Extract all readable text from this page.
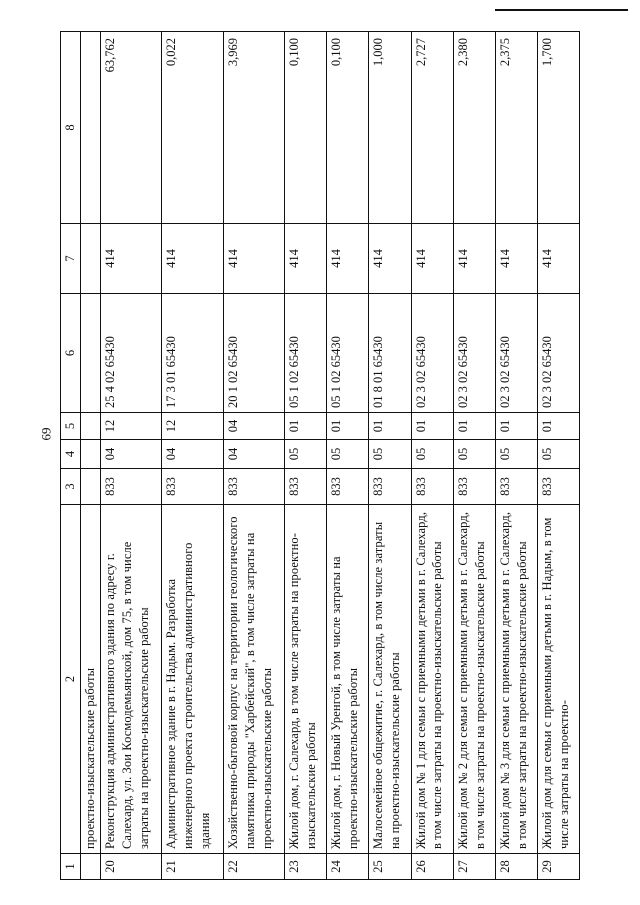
69
1	2	3	4	5	6	7	8
	проектно-изыскательские работы						
20	Реконструкция административного здания по адресу г. Салехард, ул. Зои Космодемьянской, дом 75, в том числе затраты на проектно-изыскательские работы	833	04	12	25 4 02 65430	414	63,762
21	Административное здание в г. Надым. Разработка инженерного проекта строительства административного здания	833	04	12	17 3 01 65430	414	0,022
22	Хозяйственно-бытовой корпус на территории геологического памятника природы "Харбейский", в том числе затраты на проектно-изыскательские работы	833	04	04	20 1 02 65430	414	3,969
23	Жилой дом, г. Салехард, в том числе затраты на проектно-изыскательские работы	833	05	01	05 1 02 65430	414	0,100
24	Жилой дом, г. Новый Уренгой, в том числе затраты на проектно-изыскательские работы	833	05	01	05 1 02 65430	414	0,100
25	Малосемейное общежитие, г. Салехард, в том числе затраты на проектно-изыскательские работы	833	05	01	01 8 01 65430	414	1,000
26	Жилой дом № 1 для семьи с приемными детьми в г. Салехард, в том числе затраты на проектно-изыскательские работы	833	05	01	02 3 02 65430	414	2,727
27	Жилой дом № 2 для семьи с приемными детьми в г. Салехард, в том числе затраты на проектно-изыскательские работы	833	05	01	02 3 02 65430	414	2,380
28	Жилой дом № 3 для семьи с приемными детьми в г. Салехард, в том числе затраты на проектно-изыскательские работы	833	05	01	02 3 02 65430	414	2,375
29	Жилой дом для семьи с приемными детьми в г. Надым, в том числе затраты на проектно-	833	05	01	02 3 02 65430	414	1,700
